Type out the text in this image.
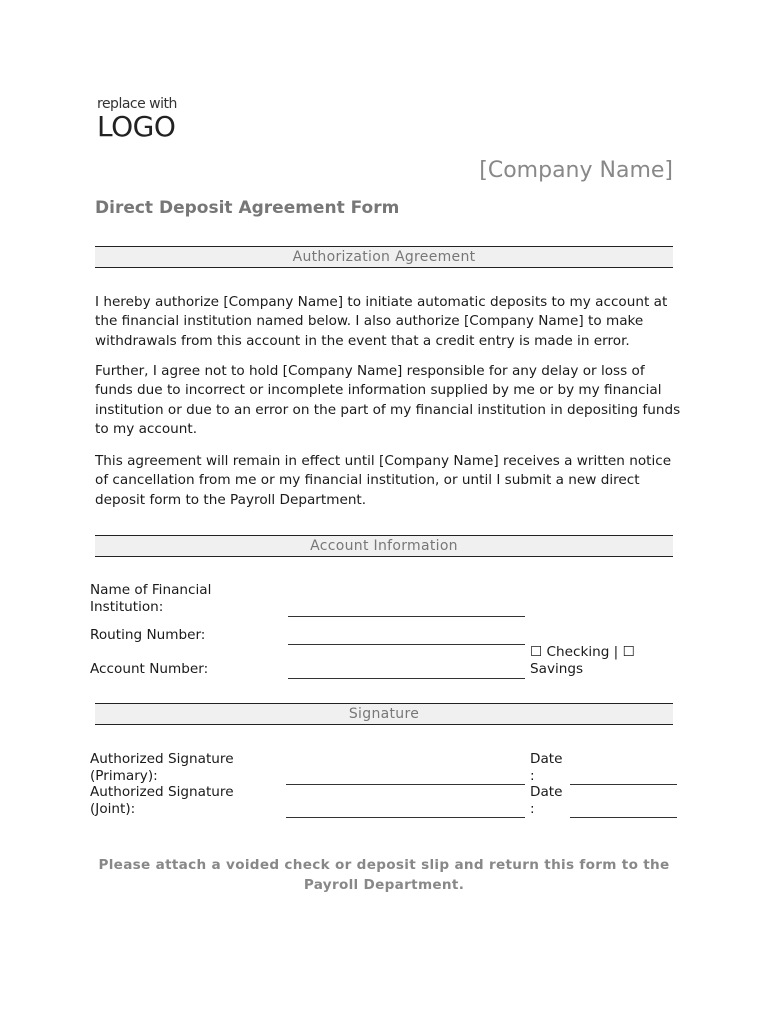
replace with
LOGO
[Company Name]
Direct Deposit Agreement Form
Authorization Agreement

I hereby authorize [Company Name] to initiate automatic deposits to my account at the financial institution named below. I also authorize [Company Name] to make withdrawals from this account in the event that a credit entry is made in error.

Further, I agree not to hold [Company Name] responsible for any delay or loss of funds due to incorrect or incomplete information supplied by me or by my financial institution or due to an error on the part of my financial institution in depositing funds to my account.

This agreement will remain in effect until [Company Name] receives a written notice of cancellation from me or my financial institution, or until I submit a new direct deposit form to the Payroll Department.

Account Information
Name of Financial
Institution:
Routing Number:
Account Number:
☐ Checking | ☐
Savings
Signature
Authorized Signature
(Primary):
Date
:
Authorized Signature
(Joint):
Date
:
Please attach a voided check or deposit slip and return this form to the
Payroll Department.
